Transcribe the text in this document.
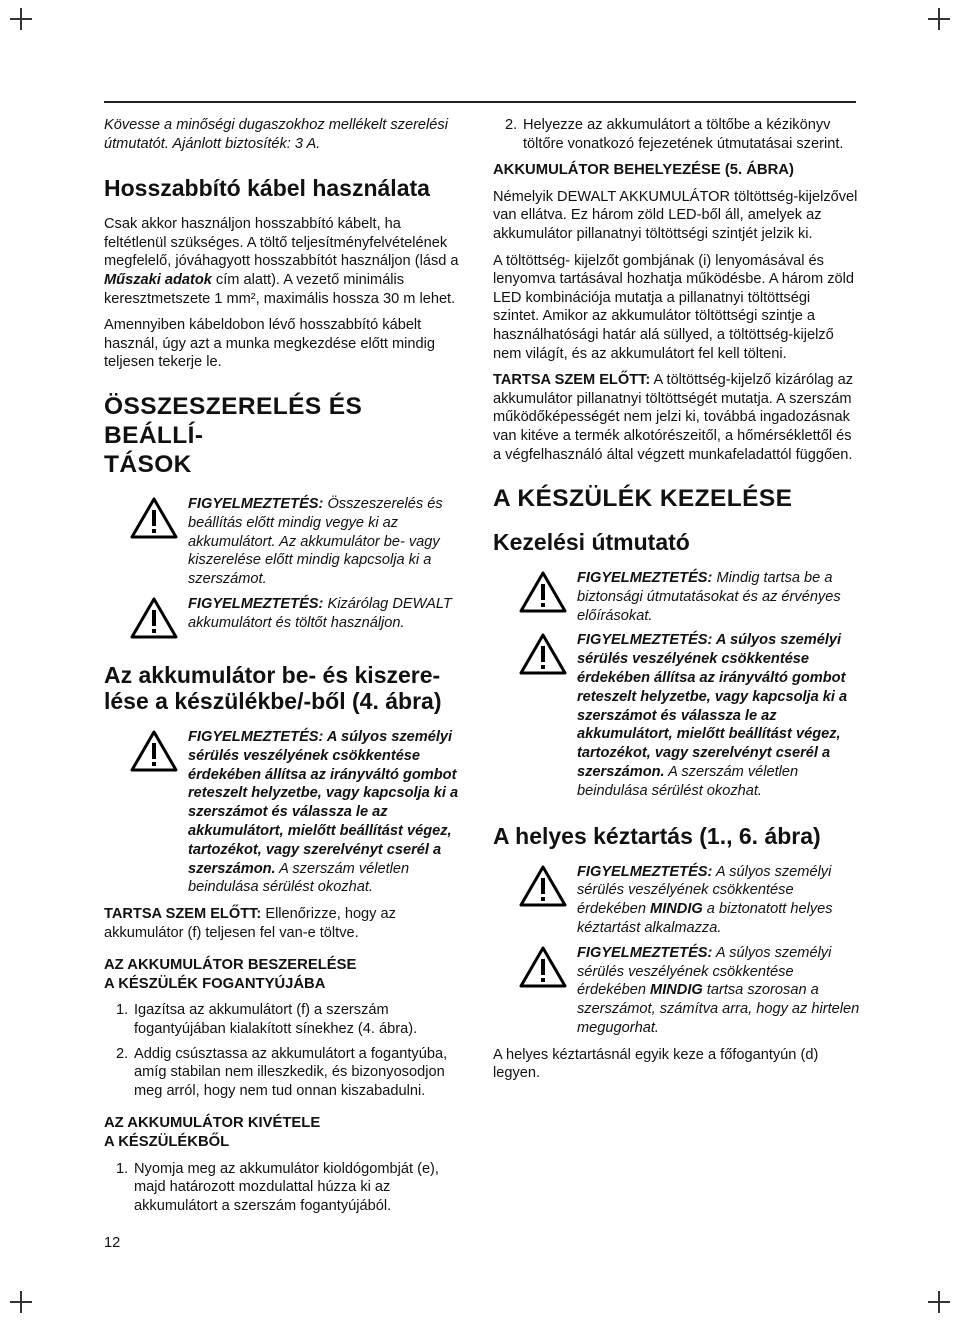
Kövesse a minőségi dugaszokhoz mellékelt szerelési útmutatót. Ajánlott biztosíték: 3 A.

Hosszabbító kábel használata

Csak akkor használjon hosszabbító kábelt, ha feltétlenül szükséges. A töltő teljesítményfelvételének megfelelő, jóváhagyott hosszabbítót használjon (lásd a Műszaki adatok cím alatt). A vezető minimális keresztmetszete 1 mm², maximális hossza 30 m lehet.

Amennyiben kábeldobon lévő hosszabbító kábelt használ, úgy azt a munka megkezdése előtt mindig teljesen tekerje le.

ÖSSZESZERELÉS ÉS BEÁLLÍ-
TÁSOK
FIGYELMEZTETÉS: Összeszerelés és beállítás előtt mindig vegye ki az akkumulátort. Az akkumulátor be- vagy kiszerelése előtt mindig kapcsolja ki a szerszámot.
FIGYELMEZTETÉS: Kizárólag DEWALT akkumulátort és töltőt használjon.
Az akkumulátor be- és kiszere-
lése a készülékbe/-ből (4. ábra)
FIGYELMEZTETÉS: A súlyos személyi sérülés veszélyének csökkentése érdekében állítsa az irányváltó gombot reteszelt helyzetbe, vagy kapcsolja ki a szerszámot és válassza le az akkumulátort, mielőtt beállítást végez, tartozékot, vagy szerelvényt cserél a szerszámon. A szerszám véletlen beindulása sérülést okozhat.

TARTSA SZEM ELŐTT: Ellenőrizze, hogy az akkumulátor (f) teljesen fel van-e töltve.

AZ AKKUMULÁTOR BESZERELÉSE
A KÉSZÜLÉK FOGANTYÚJÁBA
1. Igazítsa az akkumulátort (f) a szerszám fogantyújában kialakított sínekhez (4. ábra).
2. Addig csúsztassa az akkumulátort a fogantyúba, amíg stabilan nem illeszkedik, és bizonyosodjon meg arról, hogy nem tud onnan kiszabadulni.
AZ AKKUMULÁTOR KIVÉTELE
A KÉSZÜLÉKBŐL
1. Nyomja meg az akkumulátor kioldógombját (e), majd határozott mozdulattal húzza ki az akkumulátort a szerszám fogantyújából.
2. Helyezze az akkumulátort a töltőbe a kézikönyv töltőre vonatkozó fejezetének útmutatásai szerint.
AKKUMULÁTOR BEHELYEZÉSE (5. ÁBRA)

Némelyik DEWALT AKKUMULÁTOR töltöttség-kijelzővel van ellátva. Ez három zöld LED-ből áll, amelyek az akkumulátor pillanatnyi töltöttségi szintjét jelzik ki.

A töltöttség- kijelzőt gombjának (i) lenyomásával és lenyomva tartásával hozhatja működésbe. A három zöld LED kombinációja mutatja a pillanatnyi töltöttségi szintet. Amikor az akkumulátor töltöttségi szintje a használhatósági határ alá süllyed, a töltöttség-kijelző nem világít, és az akkumulátort fel kell tölteni.

TARTSA SZEM ELŐTT: A töltöttség-kijelző kizárólag az akkumulátor pillanatnyi töltöttségét mutatja. A szerszám működőképességét nem jelzi ki, továbbá ingadozásnak van kitéve a termék alkotórészeitől, a hőmérséklettől és a végfelhasználó által végzett munkafeladattól függően.

A KÉSZÜLÉK KEZELÉSE
Kezelési útmutató
FIGYELMEZTETÉS: Mindig tartsa be a biztonsági útmutatásokat és az érvényes előírásokat.
FIGYELMEZTETÉS: A súlyos személyi sérülés veszélyének csökkentése érdekében állítsa az irányváltó gombot reteszelt helyzetbe, vagy kapcsolja ki a szerszámot és válassza le az akkumulátort, mielőtt beállítást végez, tartozékot, vagy szerelvényt cserél a szerszámon. A szerszám véletlen beindulása sérülést okozhat.
A helyes kéztartás (1., 6. ábra)
FIGYELMEZTETÉS: A súlyos személyi sérülés veszélyének csökkentése érdekében MINDIG a biztonatott helyes kéztartást alkalmazza.
FIGYELMEZTETÉS: A súlyos személyi sérülés veszélyének csökkentése érdekében MINDIG tartsa szorosan a szerszámot, számítva arra, hogy az hirtelen megugorhat.

A helyes kéztartásnál egyik keze a főfogantyún (d) legyen.

12
